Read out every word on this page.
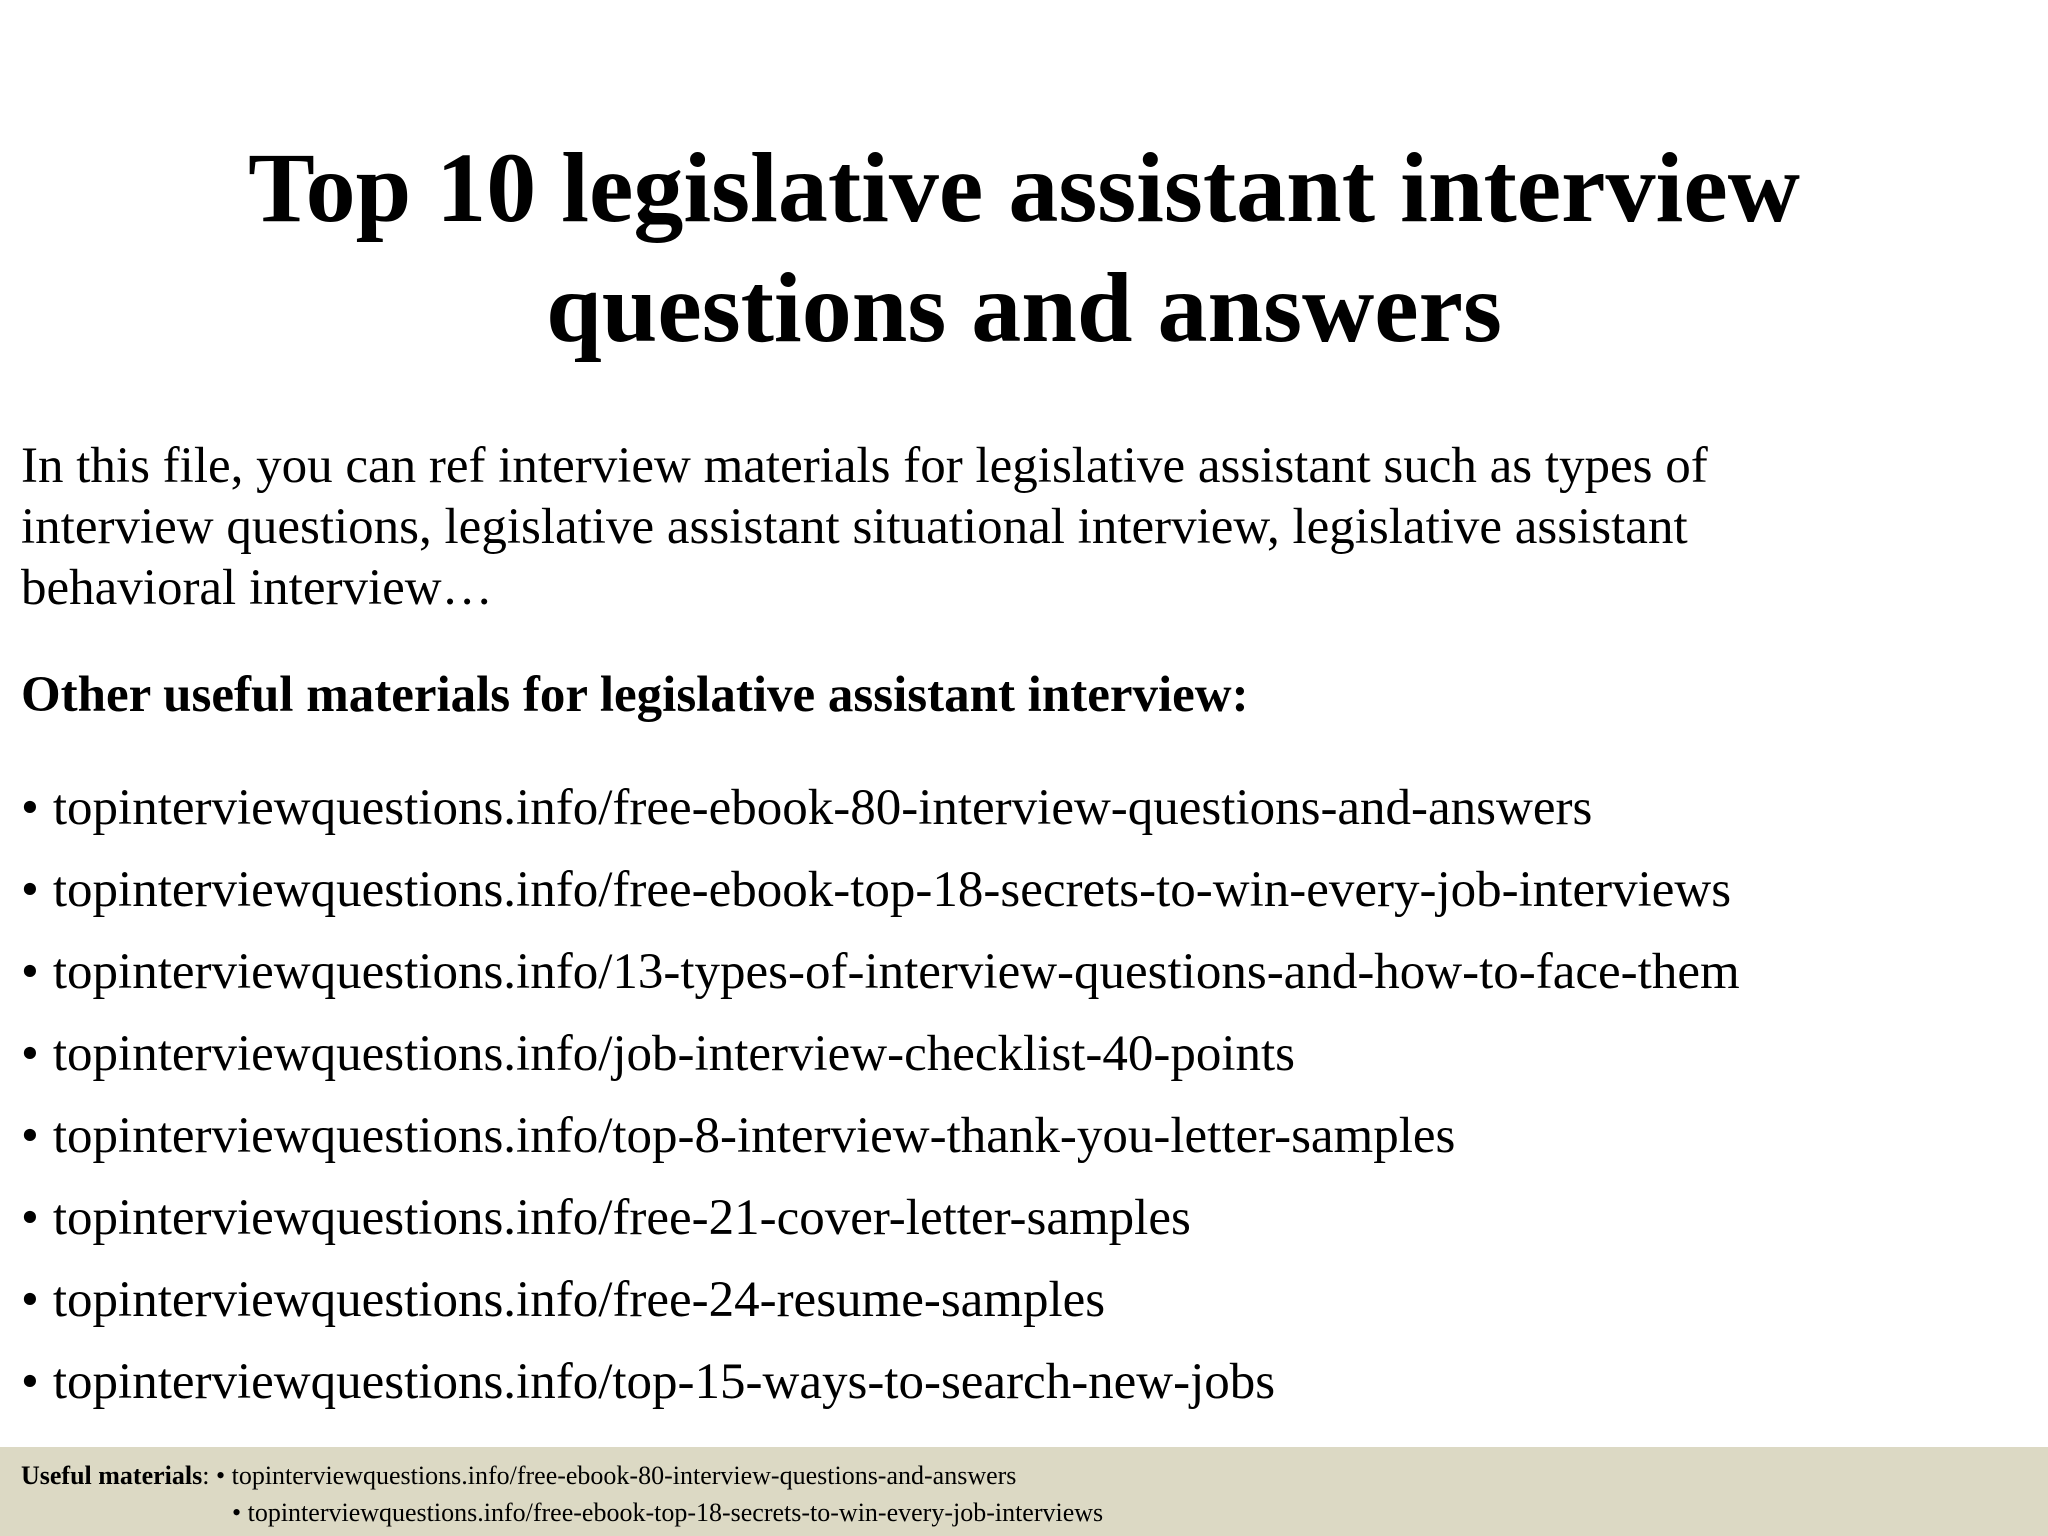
Top 10 legislative assistant interview
questions and answers

In this file, you can ref interview materials for legislative assistant such as types of
interview questions, legislative assistant situational interview, legislative assistant
behavioral interview…

Other useful materials for legislative assistant interview:

• topinterviewquestions.info/free-ebook-80-interview-questions-and-answers
• topinterviewquestions.info/free-ebook-top-18-secrets-to-win-every-job-interviews
• topinterviewquestions.info/13-types-of-interview-questions-and-how-to-face-them
• topinterviewquestions.info/job-interview-checklist-40-points
• topinterviewquestions.info/top-8-interview-thank-you-letter-samples
• topinterviewquestions.info/free-21-cover-letter-samples
• topinterviewquestions.info/free-24-resume-samples
• topinterviewquestions.info/top-15-ways-to-search-new-jobs
Useful materials: • topinterviewquestions.info/free-ebook-80-interview-questions-and-answers
• topinterviewquestions.info/free-ebook-top-18-secrets-to-win-every-job-interviews
